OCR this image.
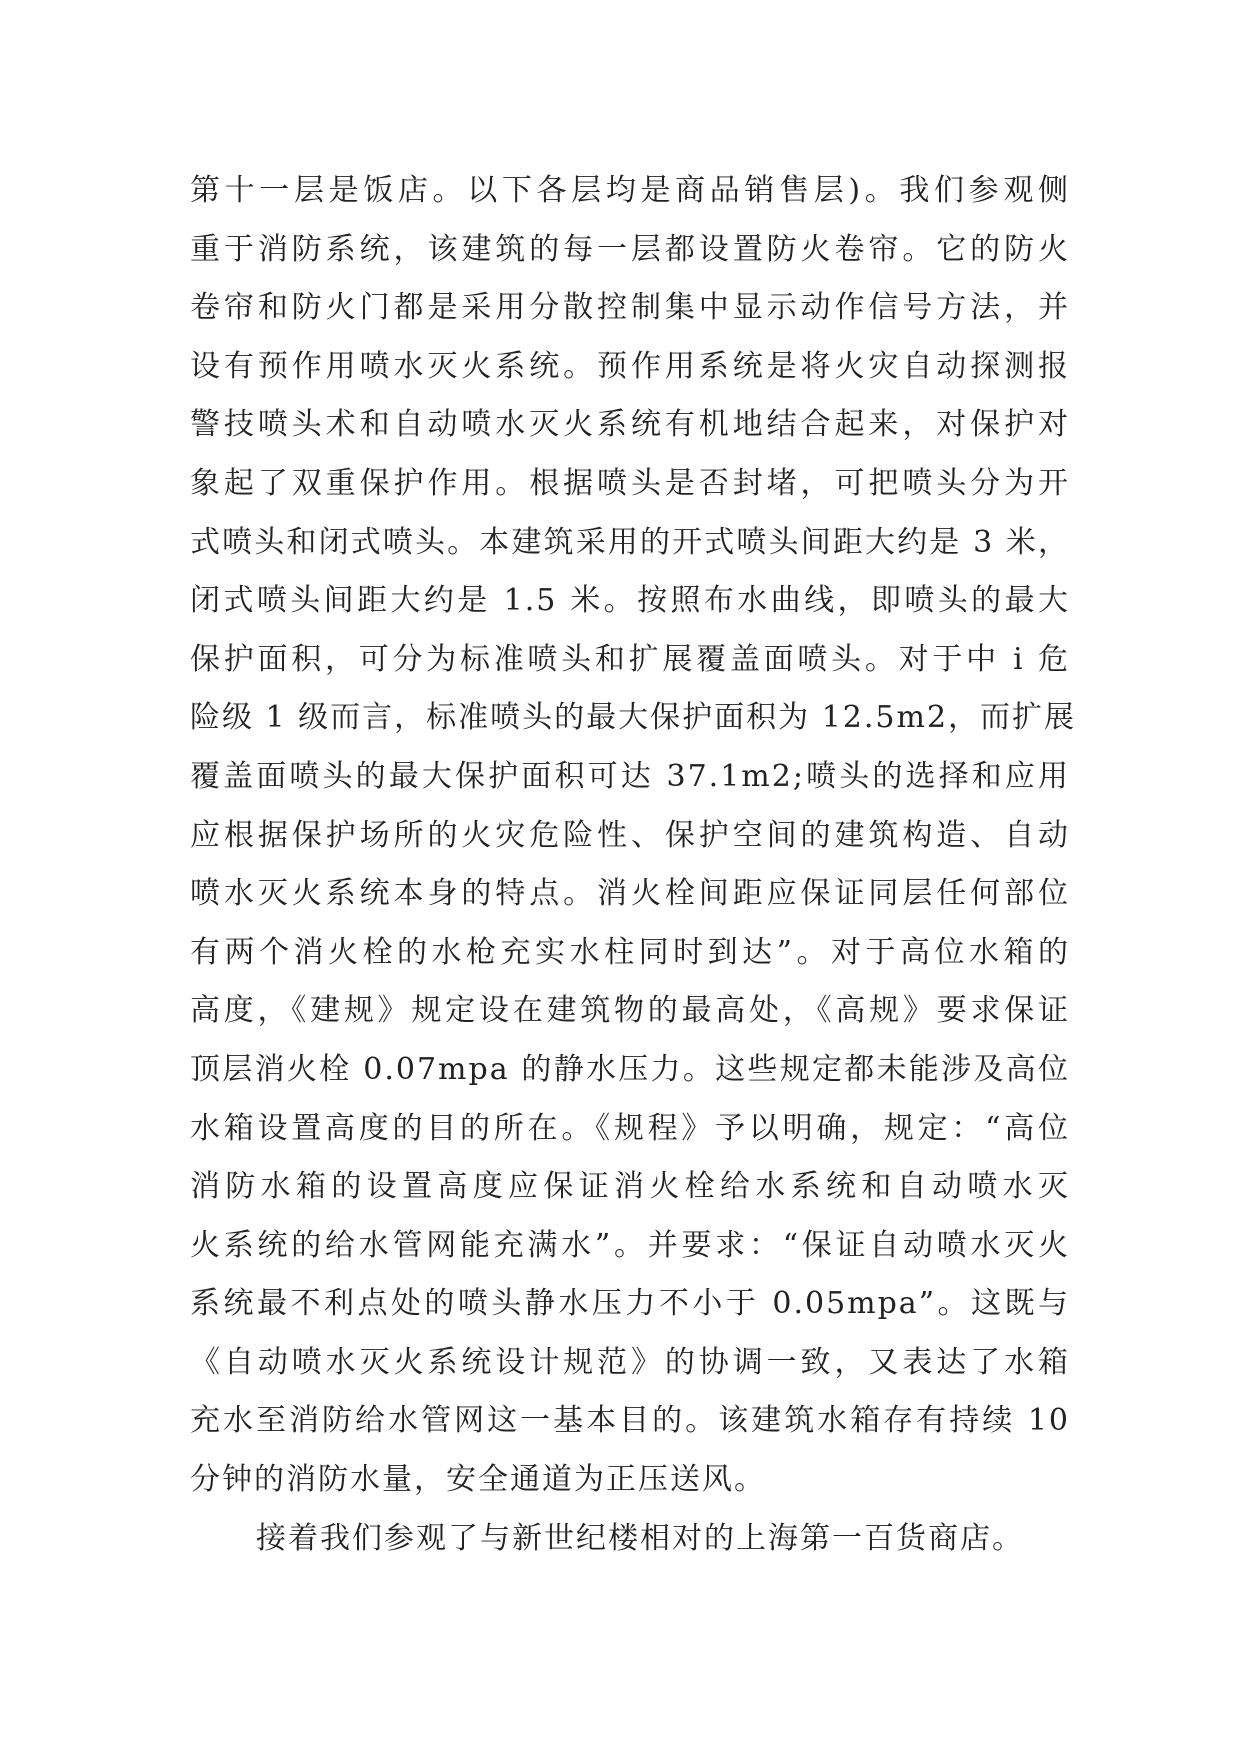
第十一层是饭店。以下各层均是商品销售层)。我们参观侧
重于消防系统，该建筑的每一层都设置防火卷帘。它的防火
卷帘和防火门都是采用分散控制集中显示动作信号方法，并
设有预作用喷水灭火系统。预作用系统是将火灾自动探测报
警技喷头术和自动喷水灭火系统有机地结合起来，对保护对
象起了双重保护作用。根据喷头是否封堵，可把喷头分为开
式喷头和闭式喷头。本建筑采用的开式喷头间距大约是 3 米，
闭式喷头间距大约是 1.5 米。按照布水曲线，即喷头的最大
保护面积，可分为标准喷头和扩展覆盖面喷头。对于中 i 危
险级 1 级而言，标准喷头的最大保护面积为 12.5m2，而扩展
覆盖面喷头的最大保护面积可达 37.1m2;喷头的选择和应用
应根据保护场所的火灾危险性、保护空间的建筑构造、自动
喷水灭火系统本身的特点。消火栓间距应保证同层任何部位
有两个消火栓的水枪充实水柱同时到达”。对于高位水箱的
高度，《建规》规定设在建筑物的最高处，《高规》要求保证
顶层消火栓 0.07mpa 的静水压力。这些规定都未能涉及高位
水箱设置高度的目的所在。《规程》予以明确，规定：“高位
消防水箱的设置高度应保证消火栓给水系统和自动喷水灭
火系统的给水管网能充满水”。并要求：“保证自动喷水灭火
系统最不利点处的喷头静水压力不小于 0.05mpa”。这既与
《自动喷水灭火系统设计规范》的协调一致，又表达了水箱
充水至消防给水管网这一基本目的。该建筑水箱存有持续 10
分钟的消防水量，安全通道为正压送风。
接着我们参观了与新世纪楼相对的上海第一百货商店。
